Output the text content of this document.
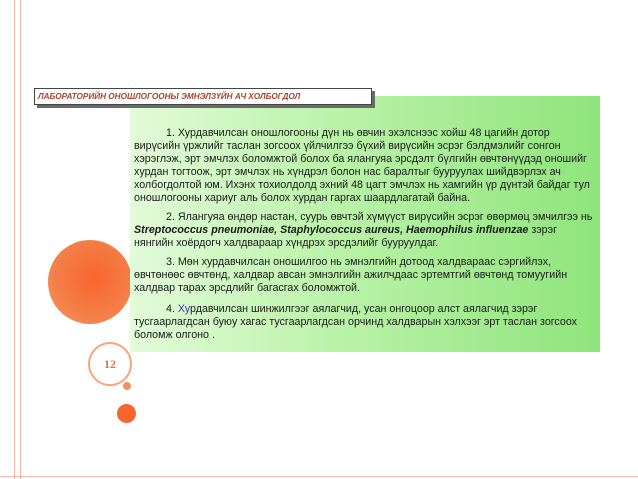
12
ЛАБОРАТОРИЙН ОНОШЛОГООНЫ ЭМНЭЛЗҮЙН АЧ ХОЛБОГДОЛ

1. Хурдавчилсан оношлогооны дүн нь өвчин эхэлснээс хойш 48 цагийн дотор вирүсийн үржлийг таслан зогсоох үйлчилгээ бүхий вирүсийн эсрэг бэлдмэлийг сонгон хэрэглэж, эрт эмчлэх боломжтой болох ба ялангуяа эрсдэлт бүлгийн өвчтөнүүдэд оношийг хурдан тогтоож, эрт эмчлэх нь хүндрэл болон нас баралтыг бууруулах шийдвэрлэх ач холбогдолтой юм. Ихэнх тохиолдолд эхний 48 цагт эмчлэх нь хамгийн үр дүнтэй байдаг тул оношлогооны хариуг аль болох хурдан гаргах шаардлагатай байна.

2. Ялангуяа өндөр настан, суурь өвчтэй хүмүүст вирүсийн эсрэг өвөрмөц эмчилгээ нь Streptococcus pneumoniae, Staphylococcus aureus, Haemophilus influenzae зэрэг нянгийн хоёрдогч халдвараар хүндрэх эрсдэлийг бууруулдаг.

3. Мөн хурдавчилсан оношилгоо нь эмнэлгийн дотоод халдвараас сэргийлэх, өвчтөнөөс өвчтөнд, халдвар авсан эмнэлгийн ажилчдаас эртемтгий өвчтөнд томуугийн халдвар тарах эрсдлийг багасгах боломжтой.

4. Хурдавчилсан шинжилгээг аялагчид, усан онгоцоор алст аялагчид зэрэг тусгаарлагдсан буюу хагас тусгаарлагдсан орчинд халдварын хэлхээг эрт таслан зогсоох боломж олгоно .
